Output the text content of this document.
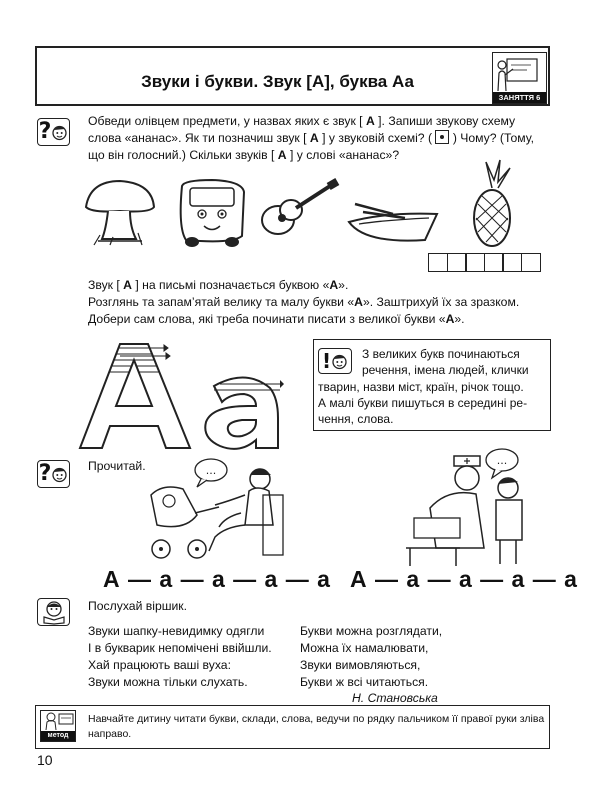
Звуки і букви. Звук [А], буква Аа
ЗАНЯТТЯ 6
?	Обведи олівцем предмети, у назвах яких є звук [ А ]. Запиши звукову схему
слова «ананас». Як ти позначиш звук [ А ] у звуковій схемі? ( ) Чому? (Тому,
що він голосний.) Скільки звуків [ А ] у слові «ананас»?
Звук [ А ] на письмі позначається буквою «А».
Розглянь та запам’ятай велику та малу букви «А». Заштрихуй їх за зразком.
Добери сам слова, які треба починати писати з великої букви «А».
!	З великих букв починаються
речення, імена людей, клички
тварин, назви міст, країн, річок тощо.
А малі букви пишуться в середині ре-
чення, слова.
?	Прочитай.	...
...
А — а — а — а — а А — а — а — а — а
Послухай віршик.
Звуки шапку-невидимку одягли
І в букварик непомічені ввійшли.
Хай працюють ваші вуха:
Звуки можна тільки слухать.
Букви можна розглядати,
Можна їх намалювати,
Звуки вимовляються,
Букви ж всі читаються.
Н. Становська
метод
Навчайте дитину читати букви, склади, слова, ведучи по рядку пальчиком її правої руки зліва
направо.
10
